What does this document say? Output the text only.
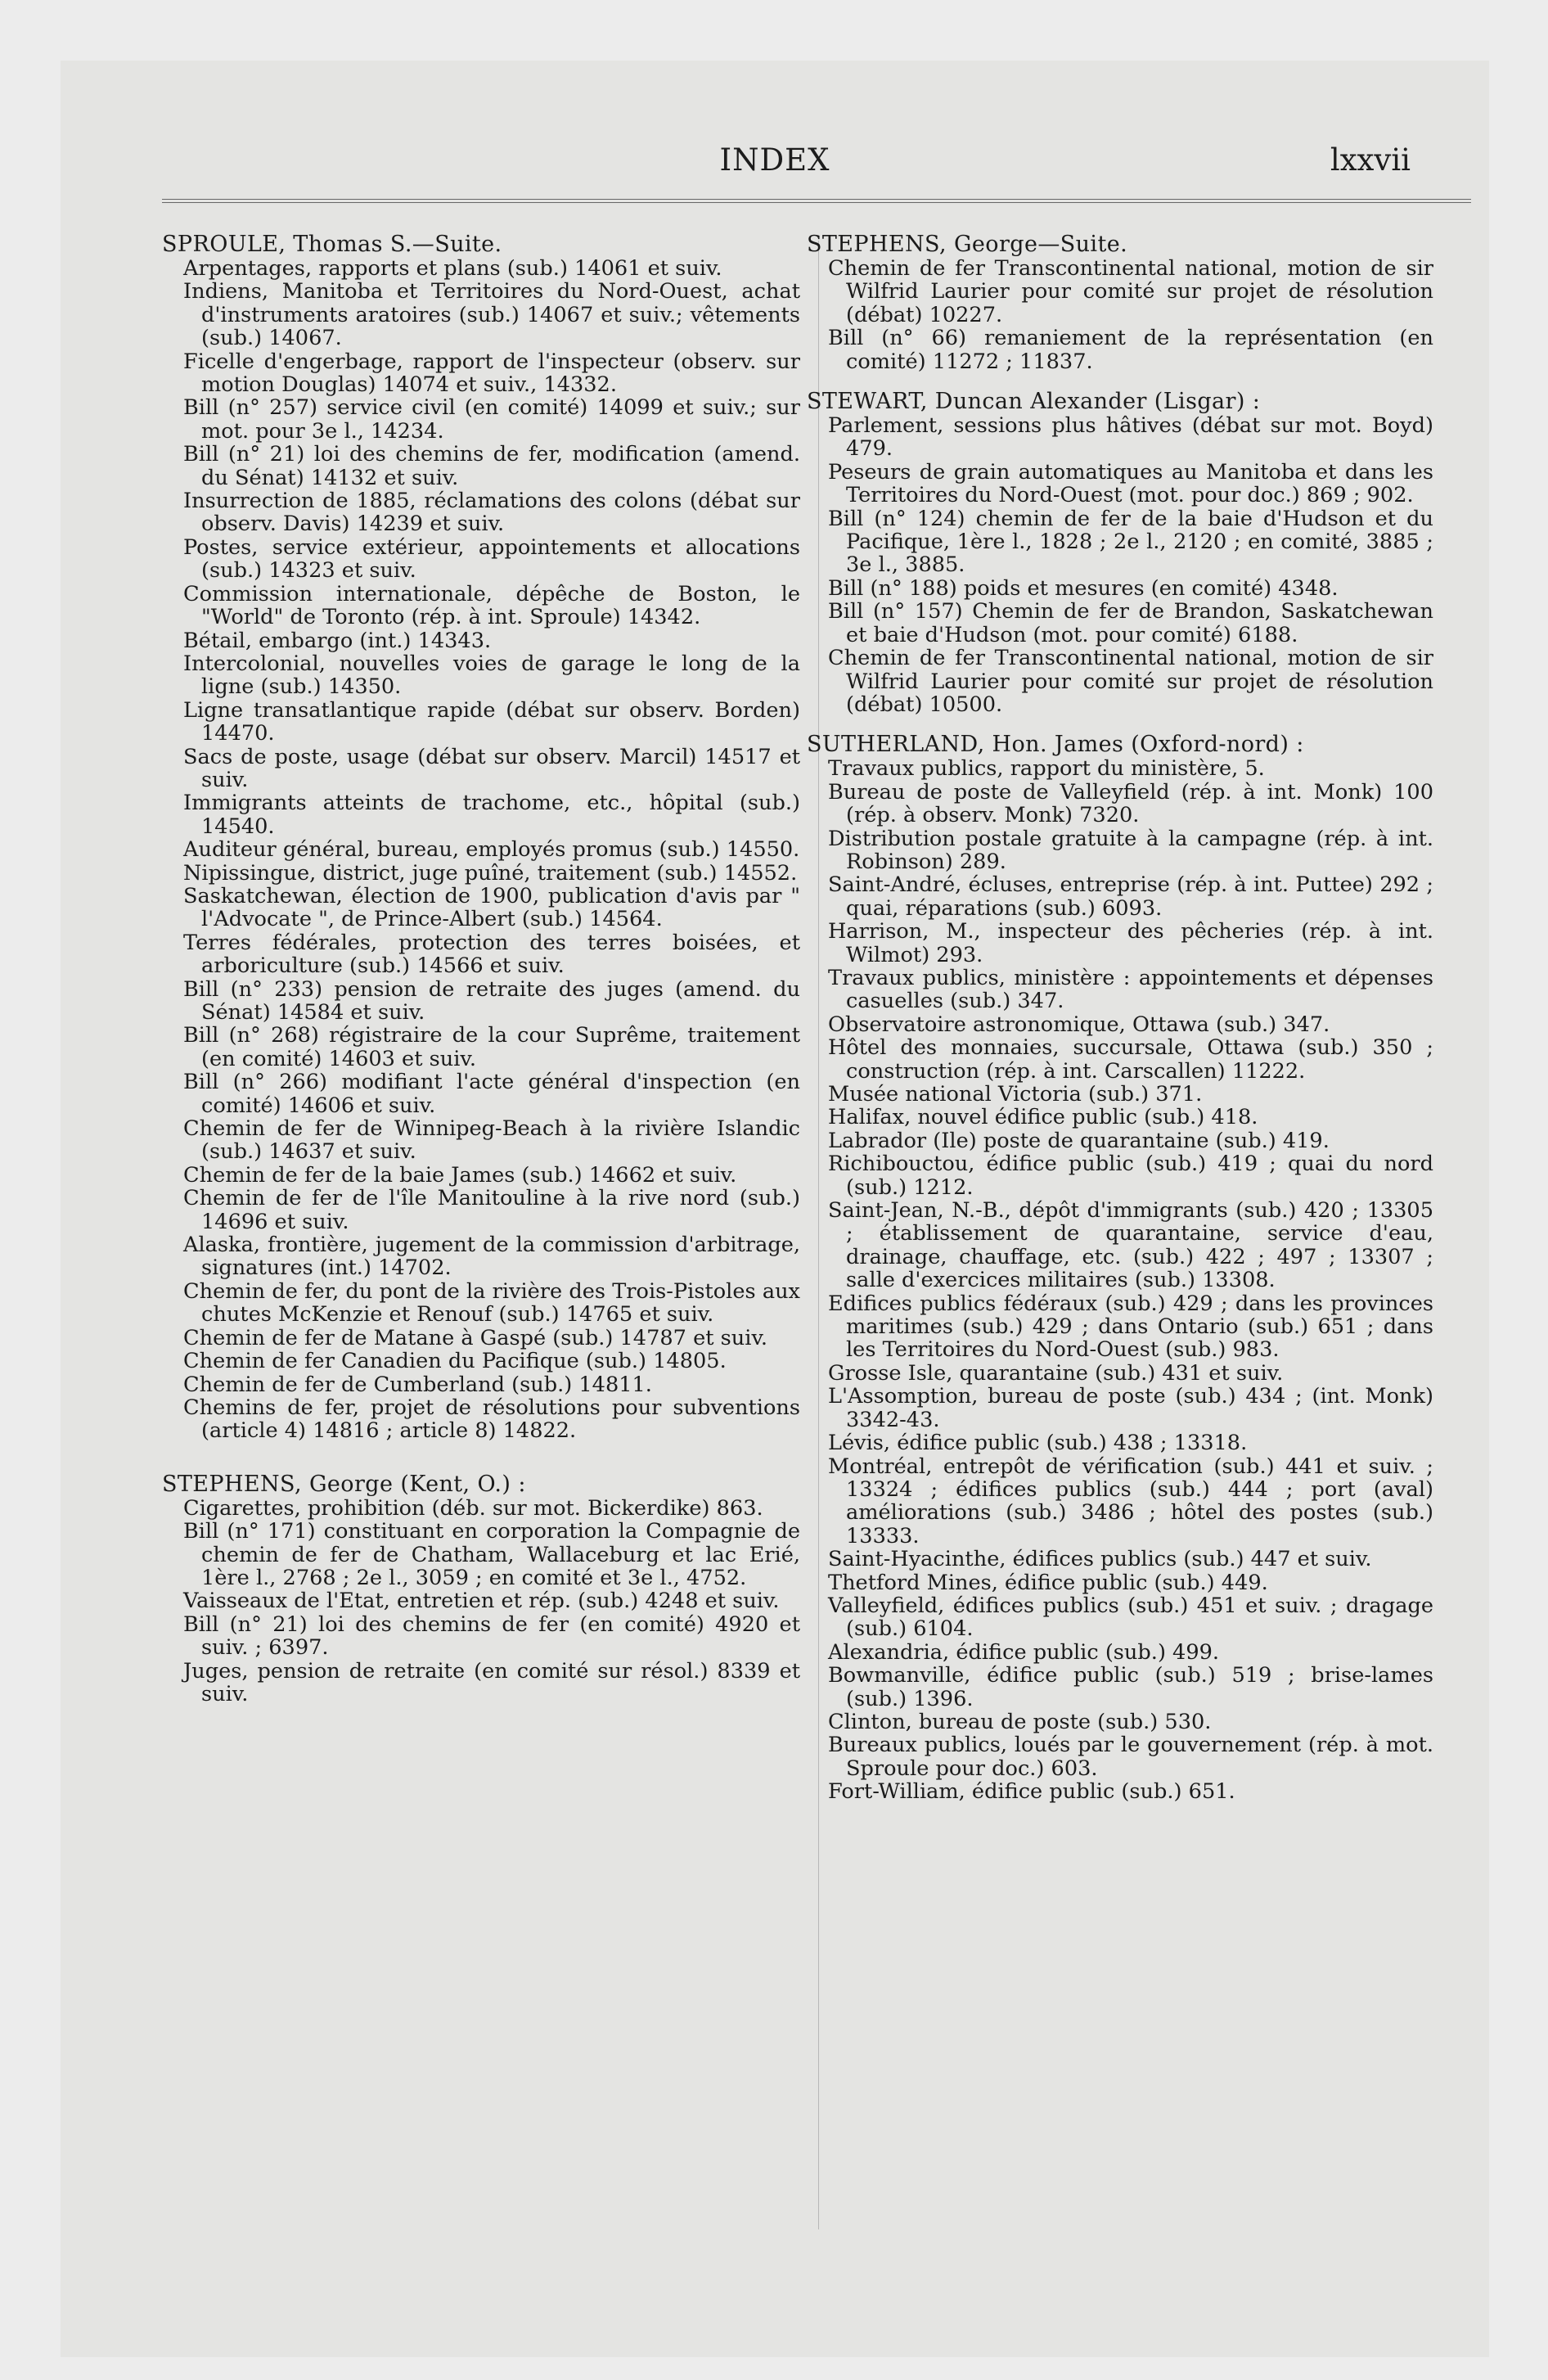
INDEX	lxxvii

SPROULE, Thomas S.—Suite.

Arpentages, rapports et plans (sub.) 14061 et suiv.
Indiens, Manitoba et Territoires du Nord-Ouest, achat d'instruments aratoires (sub.) 14067 et suiv.; vêtements (sub.) 14067.
Ficelle d'engerbage, rapport de l'inspecteur (observ. sur motion Douglas) 14074 et suiv., 14332.
Bill (n° 257) service civil (en comité) 14099 et suiv.; sur mot. pour 3e l., 14234.
Bill (n° 21) loi des chemins de fer, modification (amend. du Sénat) 14132 et suiv.
Insurrection de 1885, réclamations des colons (débat sur observ. Davis) 14239 et suiv.
Postes, service extérieur, appointements et allocations (sub.) 14323 et suiv.
Commission internationale, dépêche de Boston, le "World" de Toronto (rép. à int. Sproule) 14342.
Bétail, embargo (int.) 14343.
Intercolonial, nouvelles voies de garage le long de la ligne (sub.) 14350.
Ligne transatlantique rapide (débat sur observ. Borden) 14470.
Sacs de poste, usage (débat sur observ. Marcil) 14517 et suiv.
Immigrants atteints de trachome, etc., hôpital (sub.) 14540.
Auditeur général, bureau, employés promus (sub.) 14550.
Nipissingue, district, juge puîné, traitement (sub.) 14552.
Saskatchewan, élection de 1900, publication d'avis par " l'Advocate ", de Prince-Albert (sub.) 14564.
Terres fédérales, protection des terres boisées, et arboriculture (sub.) 14566 et suiv.
Bill (n° 233) pension de retraite des juges (amend. du Sénat) 14584 et suiv.
Bill (n° 268) régistraire de la cour Suprême, traitement (en comité) 14603 et suiv.
Bill (n° 266) modifiant l'acte général d'inspection (en comité) 14606 et suiv.
Chemin de fer de Winnipeg-Beach à la rivière Islandic (sub.) 14637 et suiv.
Chemin de fer de la baie James (sub.) 14662 et suiv.
Chemin de fer de l'île Manitouline à la rive nord (sub.) 14696 et suiv.
Alaska, frontière, jugement de la commission d'arbitrage, signatures (int.) 14702.
Chemin de fer, du pont de la rivière des Trois-Pistoles aux chutes McKenzie et Renouf (sub.) 14765 et suiv.
Chemin de fer de Matane à Gaspé (sub.) 14787 et suiv.
Chemin de fer Canadien du Pacifique (sub.) 14805.
Chemin de fer de Cumberland (sub.) 14811.
Chemins de fer, projet de résolutions pour subventions (article 4) 14816 ; article 8) 14822.

STEPHENS, George (Kent, O.) :

Cigarettes, prohibition (déb. sur mot. Bickerdike) 863.
Bill (n° 171) constituant en corporation la Compagnie de chemin de fer de Chatham, Wallaceburg et lac Erié, 1ère l., 2768 ; 2e l., 3059 ; en comité et 3e l., 4752.
Vaisseaux de l'Etat, entretien et rép. (sub.) 4248 et suiv.
Bill (n° 21) loi des chemins de fer (en comité) 4920 et suiv. ; 6397.
Juges, pension de retraite (en comité sur résol.) 8339 et suiv.

STEPHENS, George—Suite.

Chemin de fer Transcontinental national, motion de sir Wilfrid Laurier pour comité sur projet de résolution (débat) 10227.
Bill (n° 66) remaniement de la représentation (en comité) 11272 ; 11837.

STEWART, Duncan Alexander (Lisgar) :

Parlement, sessions plus hâtives (débat sur mot. Boyd) 479.
Peseurs de grain automatiques au Manitoba et dans les Territoires du Nord-Ouest (mot. pour doc.) 869 ; 902.
Bill (n° 124) chemin de fer de la baie d'Hudson et du Pacifique, 1ère l., 1828 ; 2e l., 2120 ; en comité, 3885 ; 3e l., 3885.
Bill (n° 188) poids et mesures (en comité) 4348.
Bill (n° 157) Chemin de fer de Brandon, Saskatchewan et baie d'Hudson (mot. pour comité) 6188.
Chemin de fer Transcontinental national, motion de sir Wilfrid Laurier pour comité sur projet de résolution (débat) 10500.

SUTHERLAND, Hon. James (Oxford-nord) :

Travaux publics, rapport du ministère, 5.
Bureau de poste de Valleyfield (rép. à int. Monk) 100 (rép. à observ. Monk) 7320.
Distribution postale gratuite à la campagne (rép. à int. Robinson) 289.
Saint-André, écluses, entreprise (rép. à int. Puttee) 292 ; quai, réparations (sub.) 6093.
Harrison, M., inspecteur des pêcheries (rép. à int. Wilmot) 293.
Travaux publics, ministère : appointements et dépenses casuelles (sub.) 347.
Observatoire astronomique, Ottawa (sub.) 347.
Hôtel des monnaies, succursale, Ottawa (sub.) 350 ; construction (rép. à int. Carscallen) 11222.
Musée national Victoria (sub.) 371.
Halifax, nouvel édifice public (sub.) 418.
Labrador (Ile) poste de quarantaine (sub.) 419.
Richibouctou, édifice public (sub.) 419 ; quai du nord (sub.) 1212.
Saint-Jean, N.-B., dépôt d'immigrants (sub.) 420 ; 13305 ; établissement de quarantaine, service d'eau, drainage, chauffage, etc. (sub.) 422 ; 497 ; 13307 ; salle d'exercices militaires (sub.) 13308.
Edifices publics fédéraux (sub.) 429 ; dans les provinces maritimes (sub.) 429 ; dans Ontario (sub.) 651 ; dans les Territoires du Nord-Ouest (sub.) 983.
Grosse Isle, quarantaine (sub.) 431 et suiv.
L'Assomption, bureau de poste (sub.) 434 ; (int. Monk) 3342-43.
Lévis, édifice public (sub.) 438 ; 13318.
Montréal, entrepôt de vérification (sub.) 441 et suiv. ; 13324 ; édifices publics (sub.) 444 ; port (aval) améliorations (sub.) 3486 ; hôtel des postes (sub.) 13333.
Saint-Hyacinthe, édifices publics (sub.) 447 et suiv.
Thetford Mines, édifice public (sub.) 449.
Valleyfield, édifices publics (sub.) 451 et suiv. ; dragage (sub.) 6104.
Alexandria, édifice public (sub.) 499.
Bowmanville, édifice public (sub.) 519 ; brise-lames (sub.) 1396.
Clinton, bureau de poste (sub.) 530.
Bureaux publics, loués par le gouvernement (rép. à mot. Sproule pour doc.) 603.
Fort-William, édifice public (sub.) 651.
